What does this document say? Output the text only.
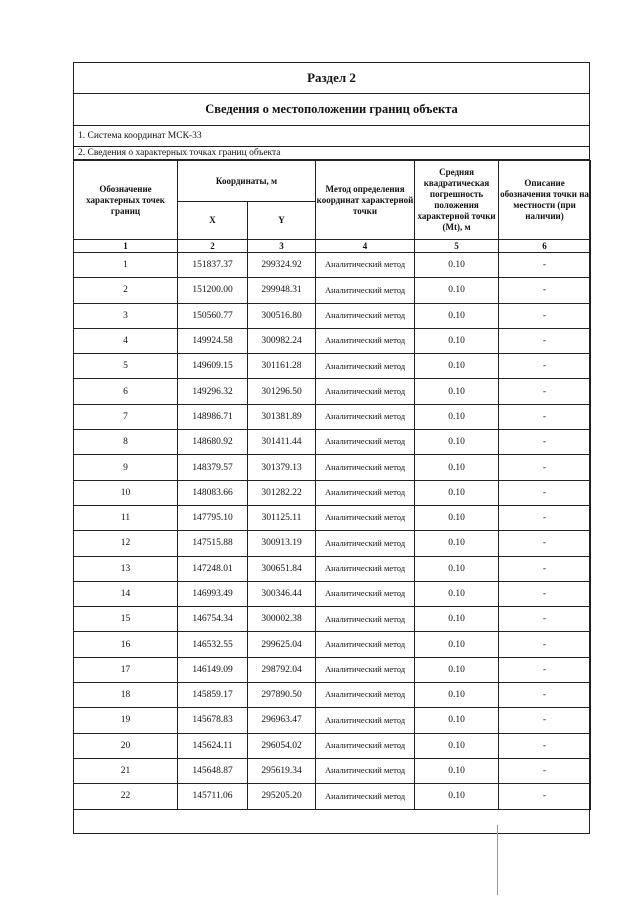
Раздел 2
Сведения о местоположении границ объекта
1. Система координат МСК-33
2. Сведения о характерных точках границ объекта
Обозначение характерных точек границ	Координаты, м		Метод определения координат характерной точки	Средняя квадратическая погрешность положения характерной точки (Mt), м	Описание обозначения точки на местности (при наличии)
	X	Y			
1	2	3	4	5	6
1	151837.37	299324.92	Аналитический метод	0.10	-
2	151200.00	299948.31	Аналитический метод	0.10	-
3	150560.77	300516.80	Аналитический метод	0.10	-
4	149924.58	300982.24	Аналитический метод	0.10	-
5	149609.15	301161.28	Аналитический метод	0.10	-
6	149296.32	301296.50	Аналитический метод	0.10	-
7	148986.71	301381.89	Аналитический метод	0.10	-
8	148680.92	301411.44	Аналитический метод	0.10	-
9	148379.57	301379.13	Аналитический метод	0.10	-
10	148083.66	301282.22	Аналитический метод	0.10	-
11	147795.10	301125.11	Аналитический метод	0.10	-
12	147515.88	300913.19	Аналитический метод	0.10	-
13	147248.01	300651.84	Аналитический метод	0.10	-
14	146993.49	300346.44	Аналитический метод	0.10	-
15	146754.34	300002.38	Аналитический метод	0.10	-
16	146532.55	299625.04	Аналитический метод	0.10	-
17	146149.09	298792.04	Аналитический метод	0.10	-
18	145859.17	297890.50	Аналитический метод	0.10	-
19	145678.83	296963.47	Аналитический метод	0.10	-
20	145624.11	296054.02	Аналитический метод	0.10	-
21	145648.87	295619.34	Аналитический метод	0.10	-
22	145711.06	295205.20	Аналитический метод	0.10	-
